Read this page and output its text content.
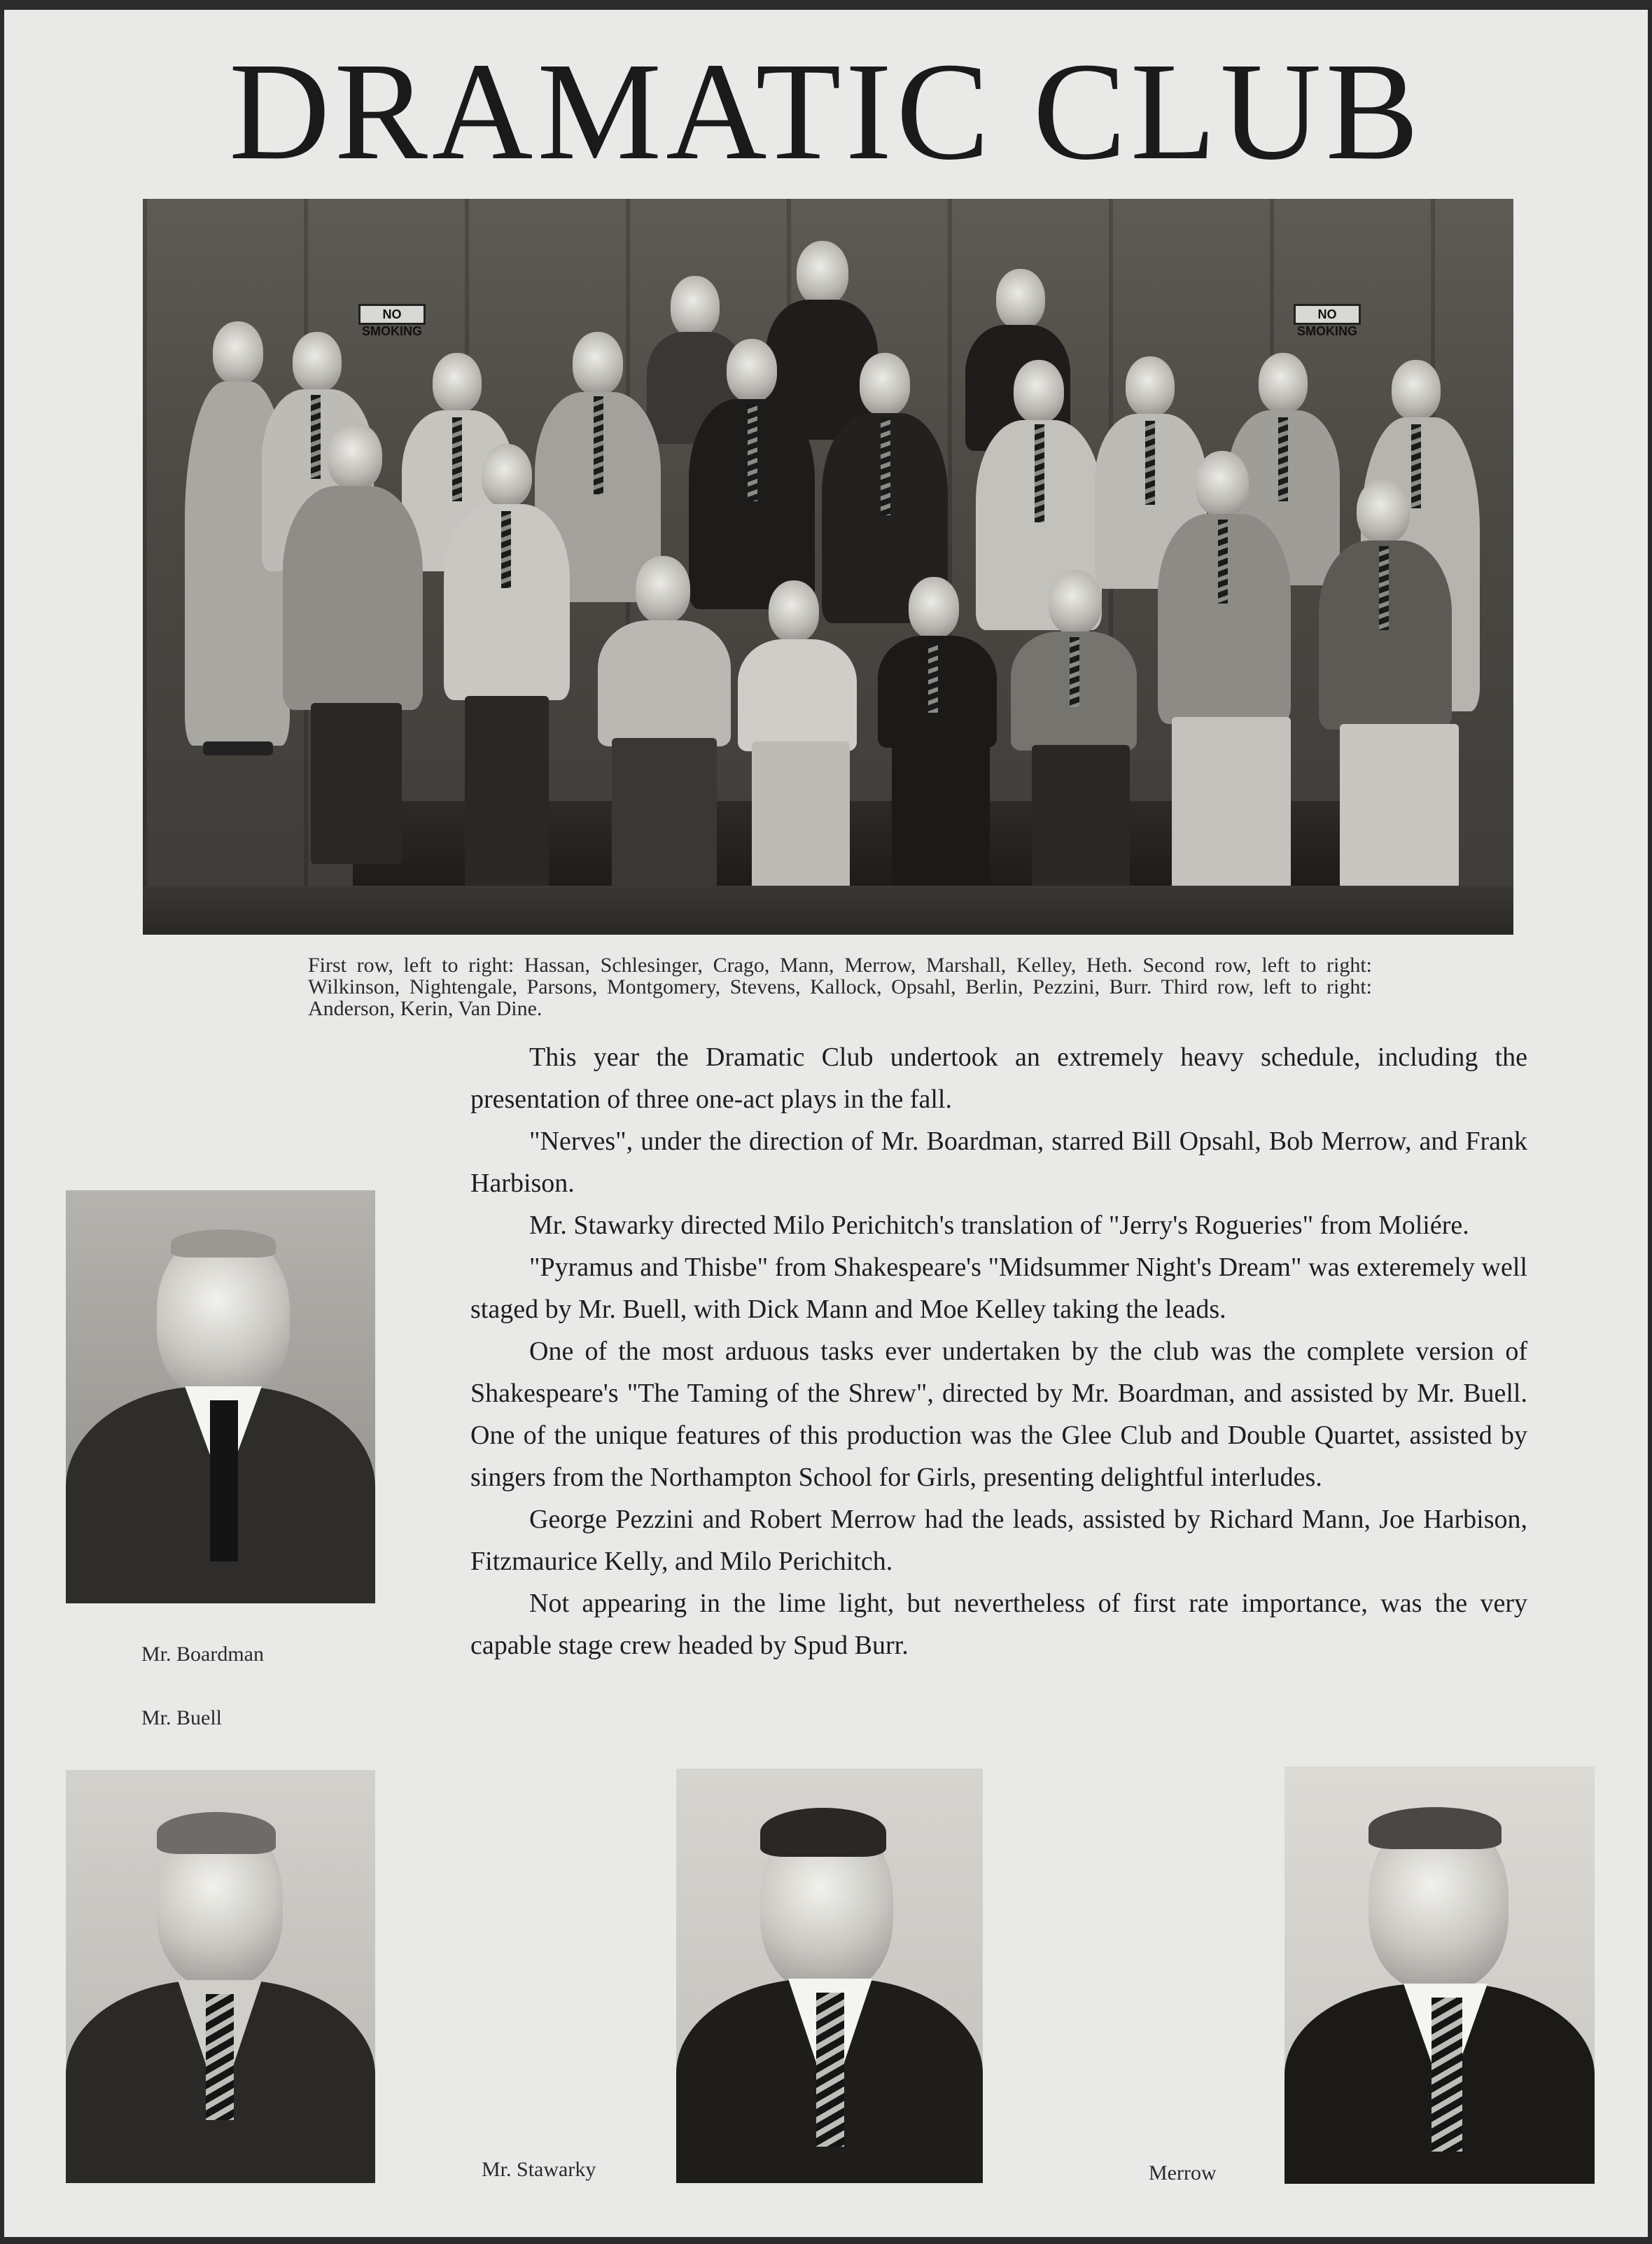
DRAMATIC CLUB
NO SMOKING
NO SMOKING

First row, left to right: Hassan, Schlesinger, Crago, Mann, Merrow, Marshall, Kelley, Heth. Second row, left to right: Wilkinson, Nightengale, Parsons, Montgomery, Stevens, Kallock, Opsahl, Berlin, Pezzini, Burr. Third row, left to right: Anderson, Kerin, Van Dine.

This year the Dramatic Club undertook an extremely heavy schedule, including the presentation of three one-act plays in the fall.

"Nerves", under the direction of Mr. Boardman, starred Bill Opsahl, Bob Merrow, and Frank Harbison.

Mr. Stawarky directed Milo Perichitch's translation of "Jerry's Rogueries" from Moliére.

"Pyramus and Thisbe" from Shakespeare's "Midsummer Night's Dream" was exteremely well staged by Mr. Buell, with Dick Mann and Moe Kelley taking the leads.

One of the most arduous tasks ever undertaken by the club was the complete version of Shakespeare's "The Taming of the Shrew", directed by Mr. Boardman, and assisted by Mr. Buell. One of the unique features of this production was the Glee Club and Double Quartet, assisted by singers from the Northampton School for Girls, presenting delightful interludes.

George Pezzini and Robert Merrow had the leads, assisted by Richard Mann, Joe Harbison, Fitzmaurice Kelly, and Milo Perichitch.

Not appearing in the lime light, but nevertheless of first rate importance, was the very capable stage crew headed by Spud Burr.

Mr. Boardman
Mr. Buell
Mr. Stawarky	Merrow
